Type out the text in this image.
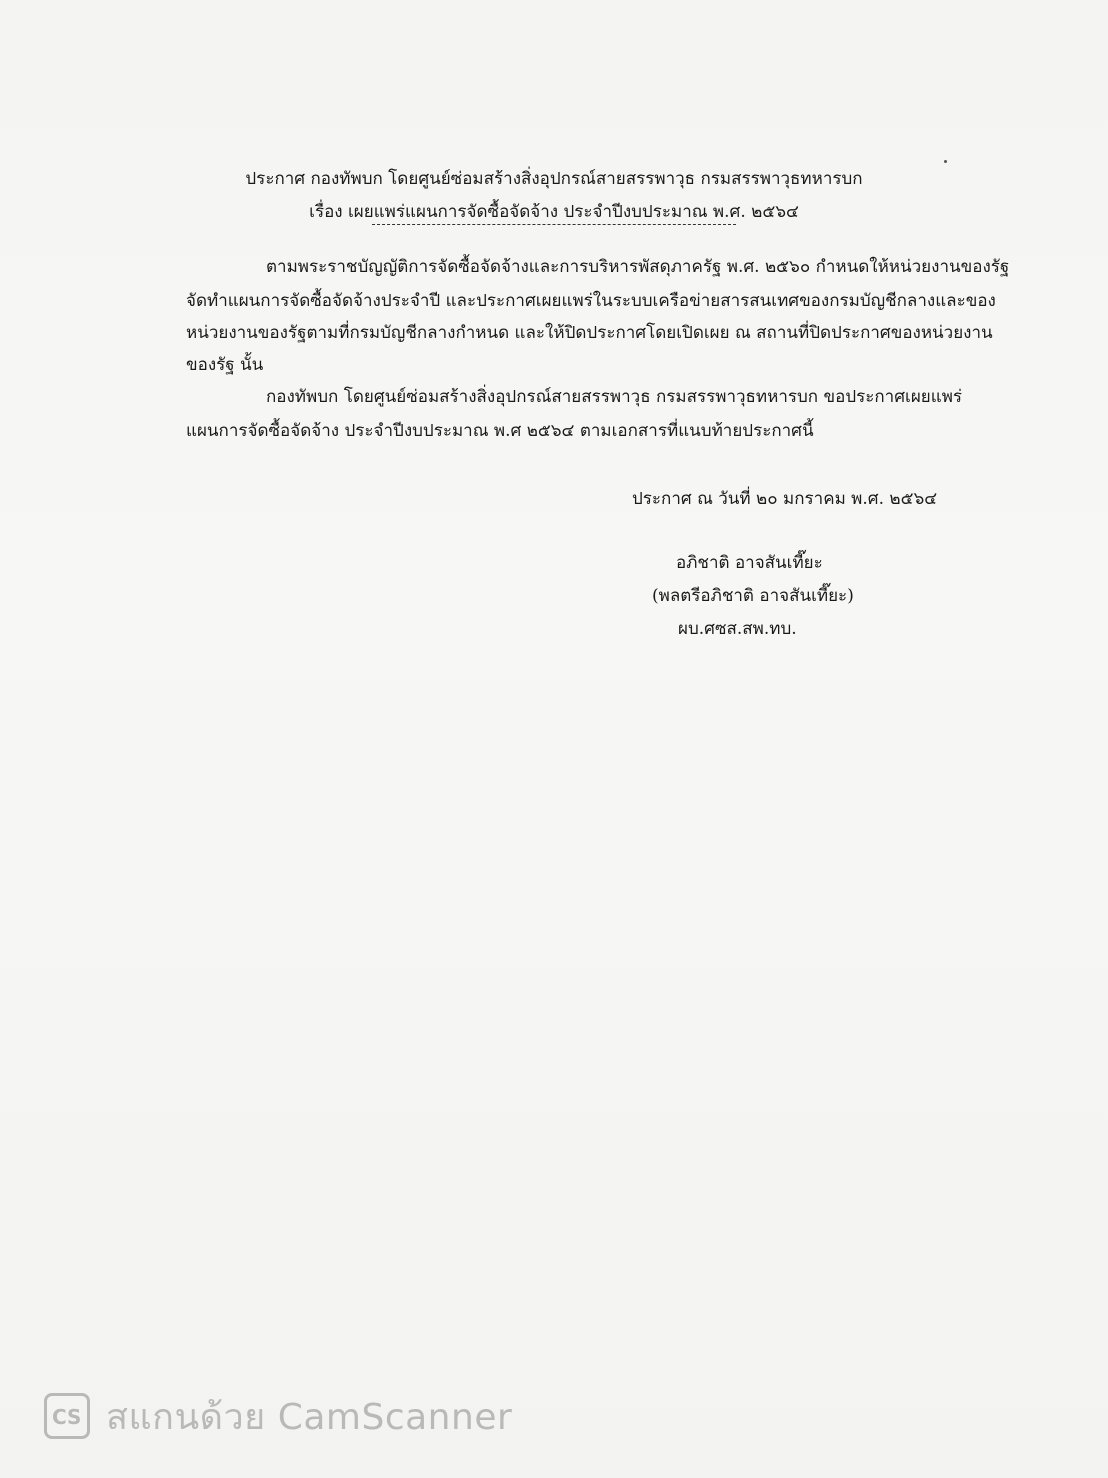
ประกาศ กองทัพบก โดยศูนย์ซ่อมสร้างสิ่งอุปกรณ์สายสรรพาวุธ กรมสรรพาวุธทหารบก
เรื่อง เผยแพร่แผนการจัดซื้อจัดจ้าง ประจำปีงบประมาณ พ.ศ. ๒๕๖๔
ตามพระราชบัญญัติการจัดซื้อจัดจ้างและการบริหารพัสดุภาครัฐ พ.ศ. ๒๕๖๐ กำหนดให้หน่วยงานของรัฐ
จัดทำแผนการจัดซื้อจัดจ้างประจำปี และประกาศเผยแพร่ในระบบเครือข่ายสารสนเทศของกรมบัญชีกลางและของ
หน่วยงานของรัฐตามที่กรมบัญชีกลางกำหนด และให้ปิดประกาศโดยเปิดเผย ณ สถานที่ปิดประกาศของหน่วยงาน
ของรัฐ นั้น
กองทัพบก โดยศูนย์ซ่อมสร้างสิ่งอุปกรณ์สายสรรพาวุธ กรมสรรพาวุธทหารบก ขอประกาศเผยแพร่
แผนการจัดซื้อจัดจ้าง ประจำปีงบประมาณ พ.ศ ๒๕๖๔ ตามเอกสารที่แนบท้ายประกาศนี้
ประกาศ ณ วันที่ ๒๐ มกราคม พ.ศ. ๒๕๖๔
อภิชาติ อาจสันเที๊ยะ
(พลตรีอภิชาติ อาจสันเที๊ยะ)
ผบ.ศซส.สพ.ทบ.
CS สแกนด้วย CamScanner
